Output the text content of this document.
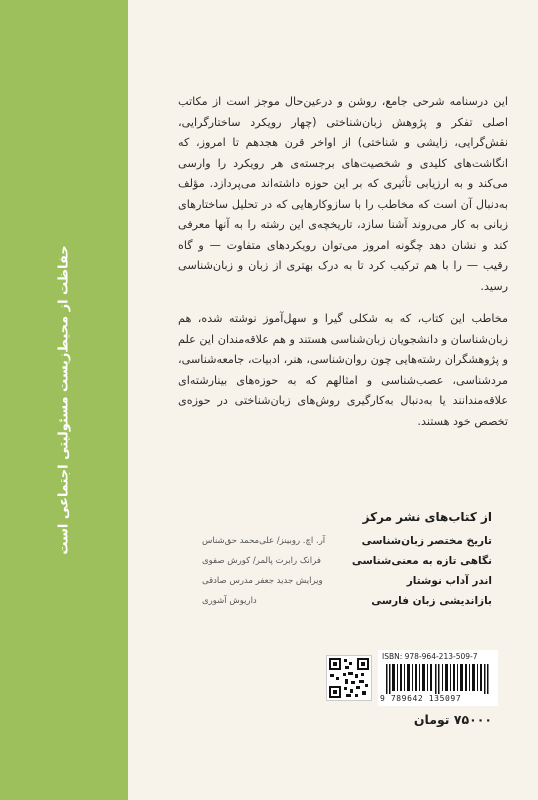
حفاظت از محیط‌زیست مسئولیتی اجتماعی است

این درسنامه شرحی جامع، روشن و درعین‌حال موجز است از مکاتب اصلی تفکر و پژوهش زبان‌شناختی (چهار رویکرد ساختارگرایی، نقش‌گرایی، زایشی و شناختی) از اواخر قرن هجدهم تا امروز، که انگاشت‌های کلیدی و شخصیت‌های برجسته‌ی هر رویکرد را وارسی می‌کند و به ارزیابی تأثیری که بر این حوزه داشته‌اند می‌پردازد. مؤلف به‌دنبال آن است که مخاطب را با سازوکارهایی که در تحلیل ساختارهای زبانی به کار می‌روند آشنا سازد، تاریخچه‌ی این رشته را به آنها معرفی کند و نشان دهد چگونه امروز می‌توان رویکردهای متفاوت — و گاه رقیب — را با هم ترکیب کرد تا به درک بهتری از زبان و زبان‌شناسی رسید.

مخاطب این کتاب، که به شکلی گیرا و سهل‌آموز نوشته شده، هم زبان‌شناسان و دانشجویان زبان‌شناسی هستند و هم علاقه‌مندان این علم و پژوهشگران رشته‌هایی چون روان‌شناسی، هنر، ادبیات، جامعه‌شناسی، مردشناسی، عصب‌شناسی و امثالهم که به حوزه‌های بینارشته‌ای علاقه‌مندانند یا به‌دنبال به‌کارگیری روش‌های زبان‌شناختی در حوزه‌ی تخصص خود هستند.

از کتاب‌های نشر مرکز
تاریخ مختصر زبان‌شناسی
آر. اچ. روبینز/ علی‌محمد حق‌شناس
نگاهی تازه به معنی‌شناسی
فرانک رابرت پالمر/ کورش صفوی
اندر آداب نوشتار
ویرایش جدید جعفر مدرس صادقی
بازاندیشی زبان فارسی
داریوش آشوری
ISBN: 978-964-213-509-7
9 789642 135097
۷۵۰۰۰ تومان
